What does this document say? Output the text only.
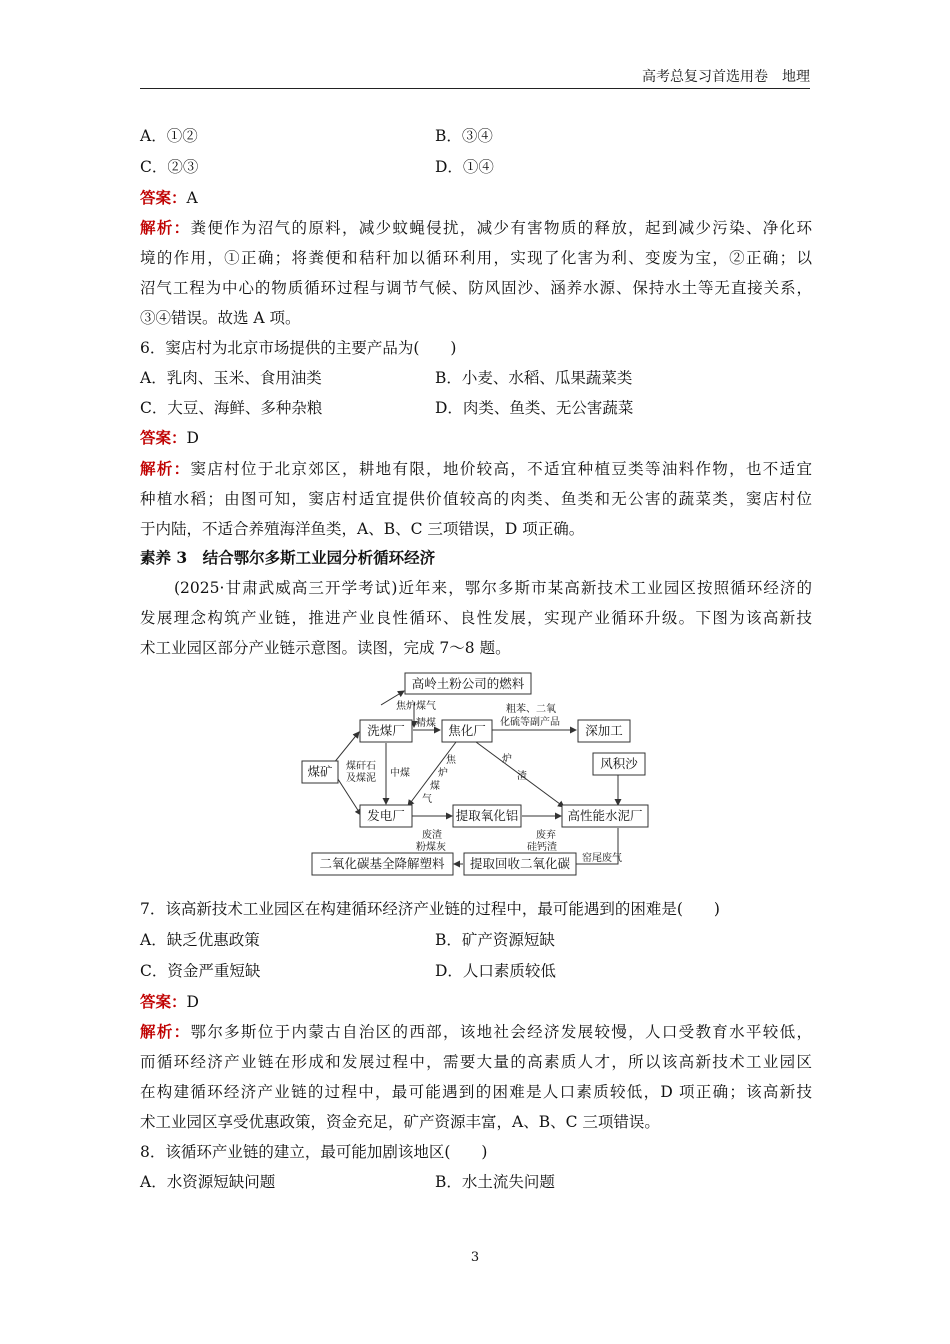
高考总复习首选用卷　地理
A．①②	B．③④
C．②③	D．①④
答案：A
解析：粪便作为沼气的原料，减少蚊蝇侵扰，减少有害物质的释放，起到减少污染、净化环
境的作用，①正确；将粪便和秸秆加以循环利用，实现了化害为利、变废为宝，②正确；以
沼气工程为中心的物质循环过程与调节气候、防风固沙、涵养水源、保持水土等无直接关系，
③④错误。故选 A 项。
6．窦店村为北京市场提供的主要产品为(　　)
A．乳肉、玉米、食用油类	B．小麦、水稻、瓜果蔬菜类
C．大豆、海鲜、多种杂粮	D．肉类、鱼类、无公害蔬菜
答案：D
解析：窦店村位于北京郊区，耕地有限，地价较高，不适宜种植豆类等油料作物，也不适宜
种植水稻；由图可知，窦店村适宜提供价值较高的肉类、鱼类和无公害的蔬菜类，窦店村位
于内陆，不适合养殖海洋鱼类，A、B、C 三项错误，D 项正确。
素养 3　结合鄂尔多斯工业园分析循环经济
(2025·甘肃武威高三开学考试)近年来，鄂尔多斯市某高新技术工业园区按照循环经济的
发展理念构筑产业链，推进产业良性循环、良性发展，实现产业循环升级。下图为该高新技
术工业园区部分产业链示意图。读图，完成 7～8 题。
高岭土粉公司的燃料
洗煤厂	焦化厂	深加工
煤矿
风积沙
发电厂	提取氧化铝	高性能水泥厂
二氧化碳基全降解塑料 提取回收二氧化碳
焦炉煤气
精煤
粗苯、二氧
化硫等副产品
煤矸石
及煤泥 中煤
焦
炉
煤
气
炉
渣
废渣
粉煤灰
废弃
硅钙渣
窑尾废气
7．该高新技术工业园区在构建循环经济产业链的过程中，最可能遇到的困难是(　　)
A．缺乏优惠政策	B．矿产资源短缺
C．资金严重短缺	D．人口素质较低
答案：D
解析：鄂尔多斯位于内蒙古自治区的西部，该地社会经济发展较慢，人口受教育水平较低，
而循环经济产业链在形成和发展过程中，需要大量的高素质人才，所以该高新技术工业园区
在构建循环经济产业链的过程中，最可能遇到的困难是人口素质较低，D 项正确；该高新技
术工业园区享受优惠政策，资金充足，矿产资源丰富，A、B、C 三项错误。
8．该循环产业链的建立，最可能加剧该地区(　　)
A．水资源短缺问题	B．水土流失问题
3
